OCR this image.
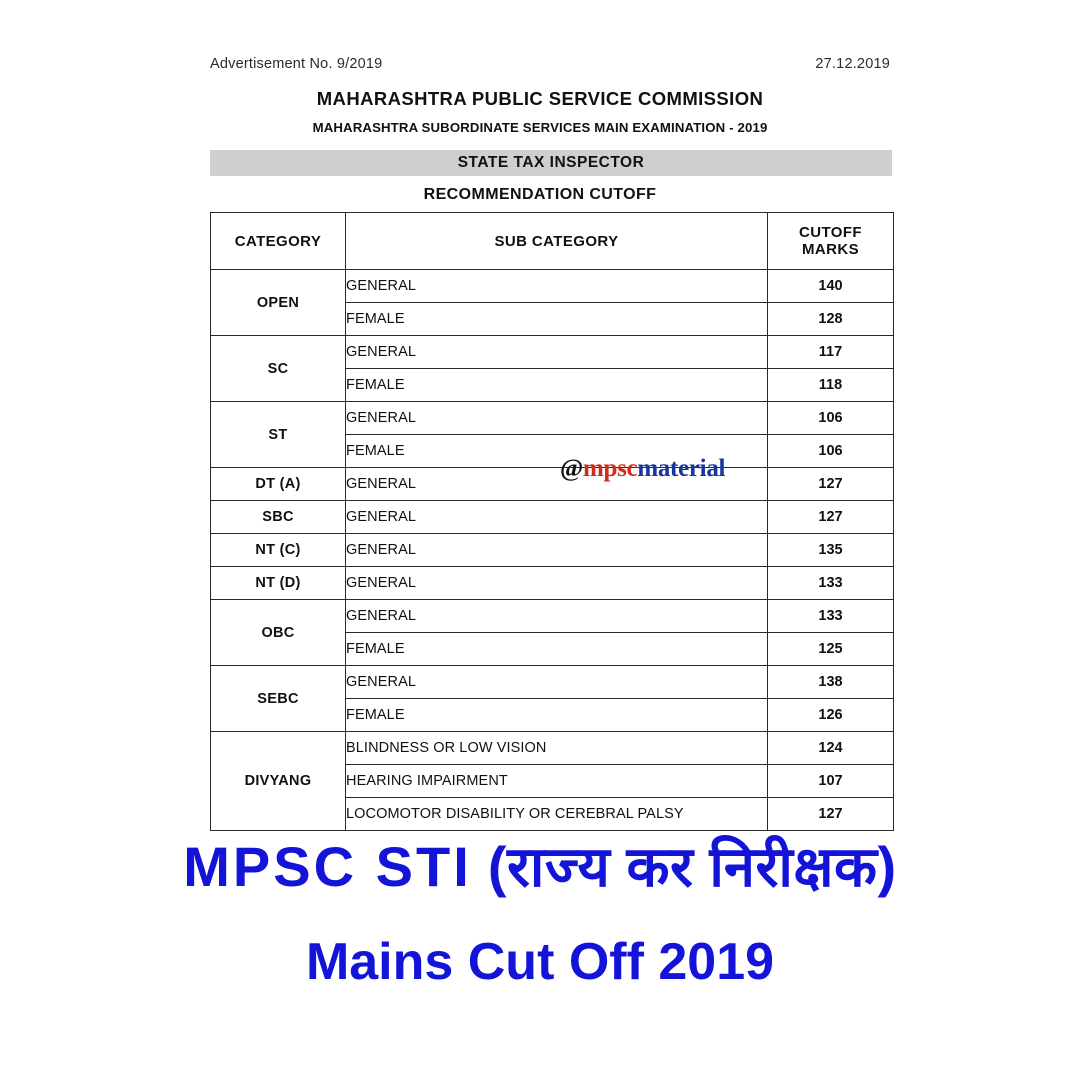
Advertisement No. 9/2019	27.12.2019
MAHARASHTRA PUBLIC SERVICE COMMISSION
MAHARASHTRA SUBORDINATE SERVICES MAIN EXAMINATION - 2019
STATE TAX INSPECTOR
RECOMMENDATION CUTOFF
CATEGORY	SUB CATEGORY	CUTOFF
MARKS

OPEN	GENERAL	140
	FEMALE	128
SC	GENERAL	117
	FEMALE	118
ST	GENERAL	106
	FEMALE	106
DT (A)	GENERAL	127
SBC	GENERAL	127
NT (C)	GENERAL	135
NT (D)	GENERAL	133
OBC	GENERAL	133
	FEMALE	125
SEBC	GENERAL	138
	FEMALE	126
DIVYANG	BLINDNESS OR LOW VISION	124
	HEARING IMPAIRMENT	107
	LOCOMOTOR DISABILITY OR CEREBRAL PALSY	127
@mpscmaterial
MPSC STI (राज्य कर निरीक्षक)
Mains Cut Off 2019
